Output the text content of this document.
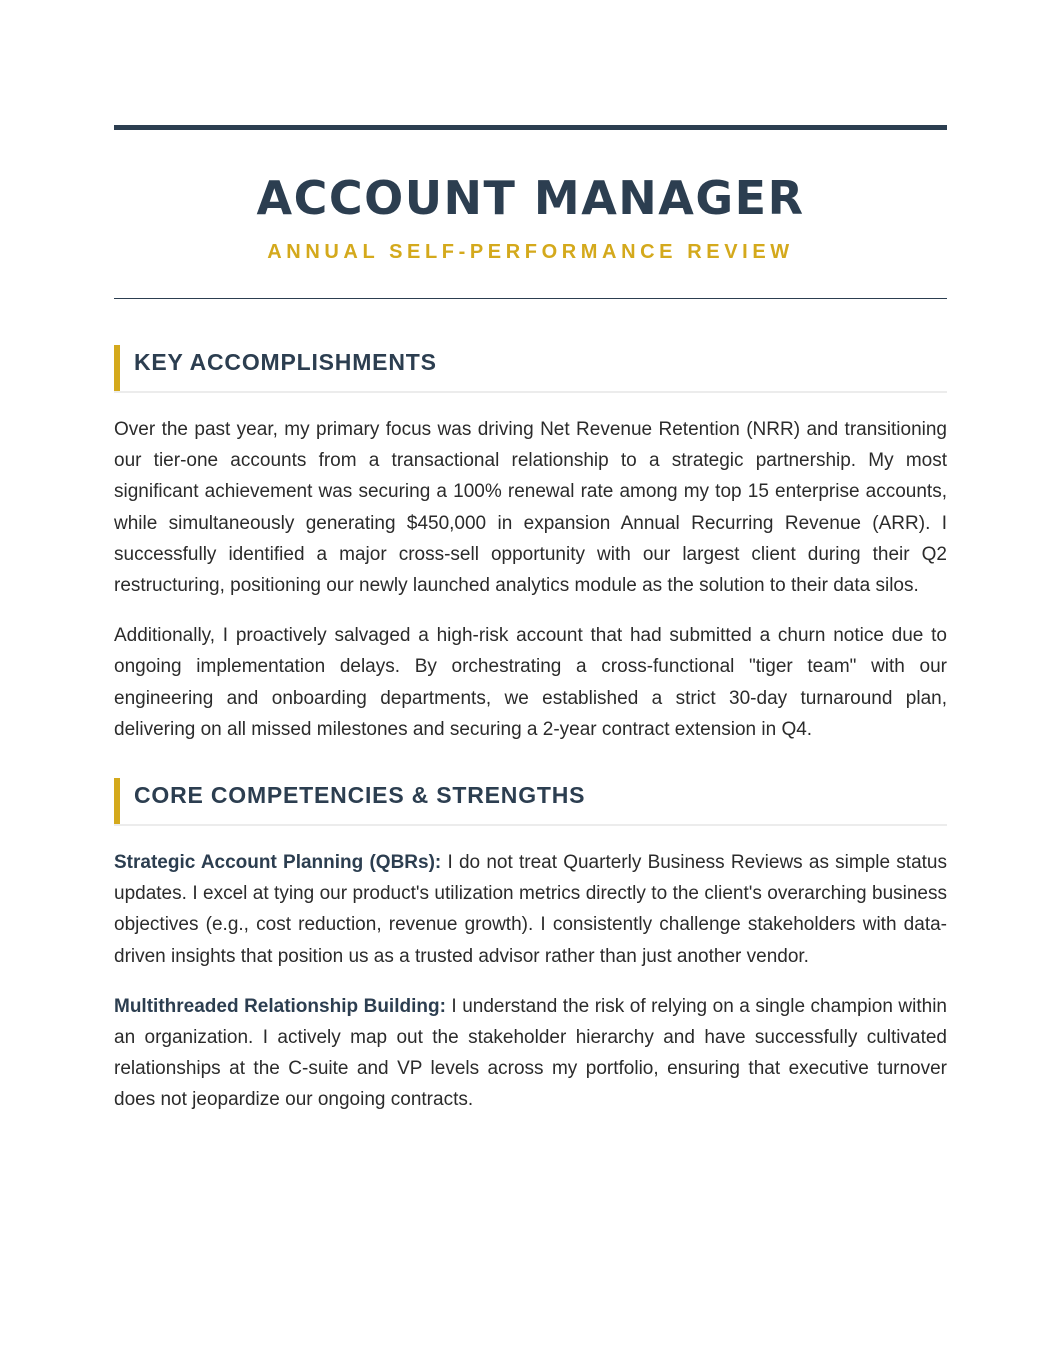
ACCOUNT MANAGER

ANNUAL SELF-PERFORMANCE REVIEW

KEY ACCOMPLISHMENTS

Over the past year, my primary focus was driving Net Revenue Retention (NRR) and transitioning our tier-one accounts from a transactional relationship to a strategic partnership. My most significant achievement was securing a 100% renewal rate among my top 15 enterprise accounts, while simultaneously generating $450,000 in expansion Annual Recurring Revenue (ARR). I successfully identified a major cross-sell opportunity with our largest client during their Q2 restructuring, positioning our newly launched analytics module as the solution to their data silos.

Additionally, I proactively salvaged a high-risk account that had submitted a churn notice due to ongoing implementation delays. By orchestrating a cross-functional "tiger team" with our engineering and onboarding departments, we established a strict 30-day turnaround plan, delivering on all missed milestones and securing a 2-year contract extension in Q4.

CORE COMPETENCIES & STRENGTHS

Strategic Account Planning (QBRs): I do not treat Quarterly Business Reviews as simple status updates. I excel at tying our product's utilization metrics directly to the client's overarching business objectives (e.g., cost reduction, revenue growth). I consistently challenge stakeholders with data-driven insights that position us as a trusted advisor rather than just another vendor.

Multithreaded Relationship Building: I understand the risk of relying on a single champion within an organization. I actively map out the stakeholder hierarchy and have successfully cultivated relationships at the C-suite and VP levels across my portfolio, ensuring that executive turnover does not jeopardize our ongoing contracts.
